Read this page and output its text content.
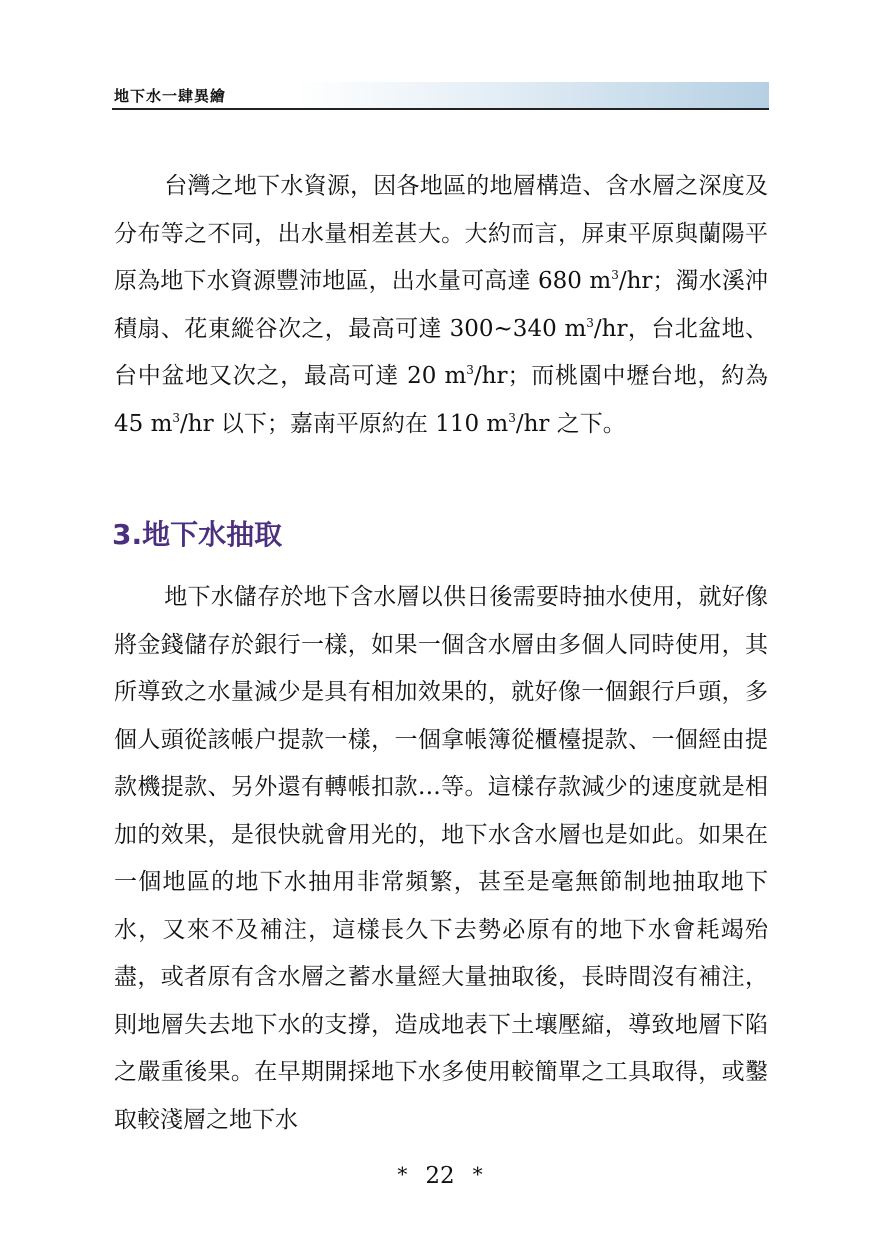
地下水一肆異繪

台灣之地下水資源，因各地區的地層構造、含水層之深度及分布等之不同，出水量相差甚大。大約而言，屏東平原與蘭陽平原為地下水資源豐沛地區，出水量可高達 680 $m^3/hr$；濁水溪沖積扇、花東縱谷次之，最高可達 300~340 $m^3/hr$，台北盆地、台中盆地又次之，最高可達 20 $m^3/hr$；而桃園中壢台地，約為 45 $m^3/hr$ 以下；嘉南平原約在 110 $m^3/hr$ 之下。

3.地下水抽取

地下水儲存於地下含水層以供日後需要時抽水使用，就好像將金錢儲存於銀行一樣，如果一個含水層由多個人同時使用，其所導致之水量減少是具有相加效果的，就好像一個銀行戶頭，多個人頭從該帳户提款一樣，一個拿帳簿從櫃檯提款、一個經由提款機提款、另外還有轉帳扣款…等。這樣存款減少的速度就是相加的效果，是很快就會用光的，地下水含水層也是如此。如果在一個地區的地下水抽用非常頻繁，甚至是毫無節制地抽取地下水，又來不及補注，這樣長久下去勢必原有的地下水會耗竭殆盡，或者原有含水層之蓄水量經大量抽取後，長時間沒有補注，則地層失去地下水的支撐，造成地表下土壤壓縮，導致地層下陷之嚴重後果。在早期開採地下水多使用較簡單之工具取得，或鑿取較淺層之地下水

* 22 *
